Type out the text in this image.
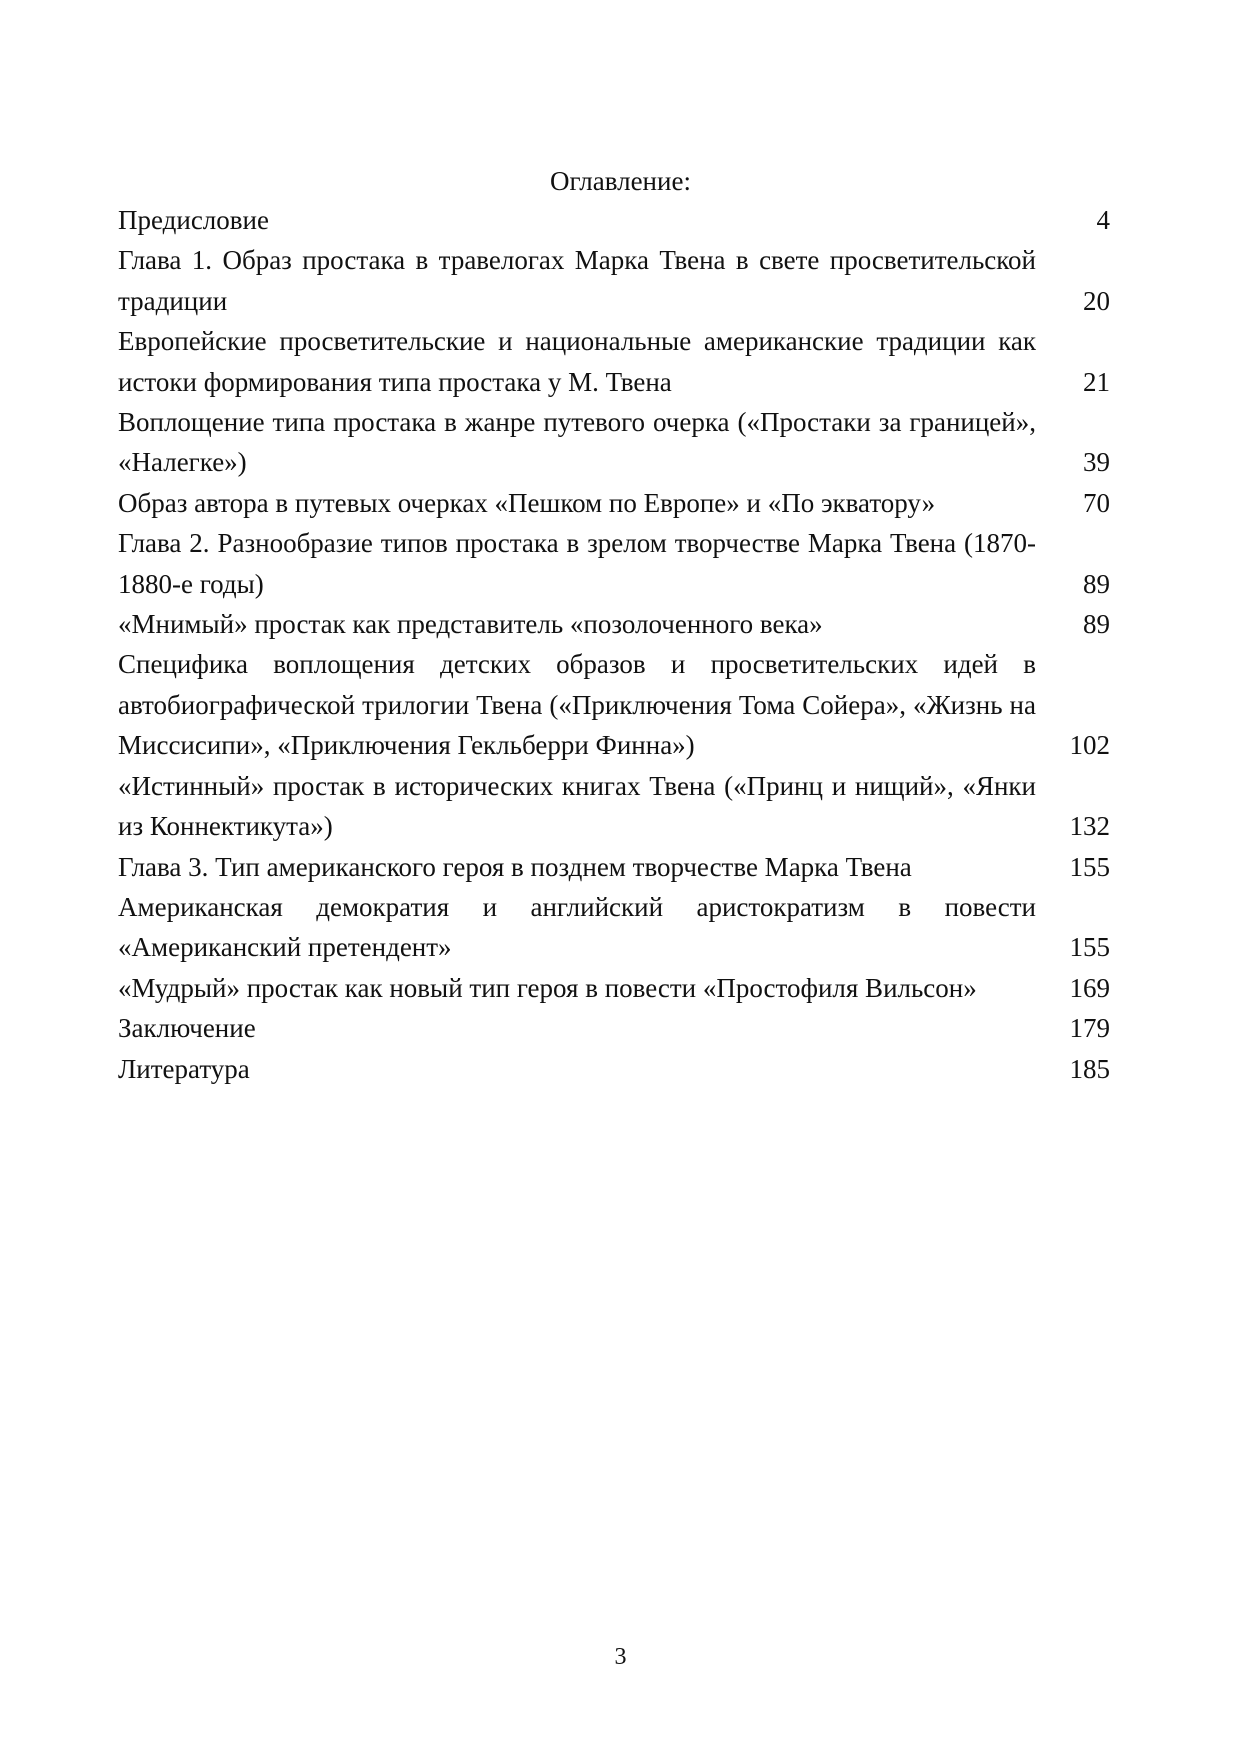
Оглавление:
Предисловие	4
Глава 1. Образ простака в травелогах Марка Твена в свете просветительской традиции	20
Европейские просветительские и национальные американские традиции как истоки формирования типа простака у М. Твена	21
Воплощение типа простака в жанре путевого очерка («Простаки за границей», «Налегке»)	39
Образ автора в путевых очерках «Пешком по Европе» и «По экватору»	70
Глава 2. Разнообразие типов простака в зрелом творчестве Марка Твена (1870-1880-е годы)	89
«Мнимый» простак как представитель «позолоченного века»	89
Специфика воплощения детских образов и просветительских идей в автобиографической трилогии Твена («Приключения Тома Сойера», «Жизнь на Миссисипи», «Приключения Гекльберри Финна»)	102
«Истинный» простак в исторических книгах Твена («Принц и нищий», «Янки из Коннектикута»)	132
Глава 3. Тип американского героя в позднем творчестве Марка Твена	155
Американская демократия и английский аристократизм в повести «Американский претендент»	155
«Мудрый» простак как новый тип героя в повести «Простофиля Вильсон»	169
Заключение	179
Литература	185
3
